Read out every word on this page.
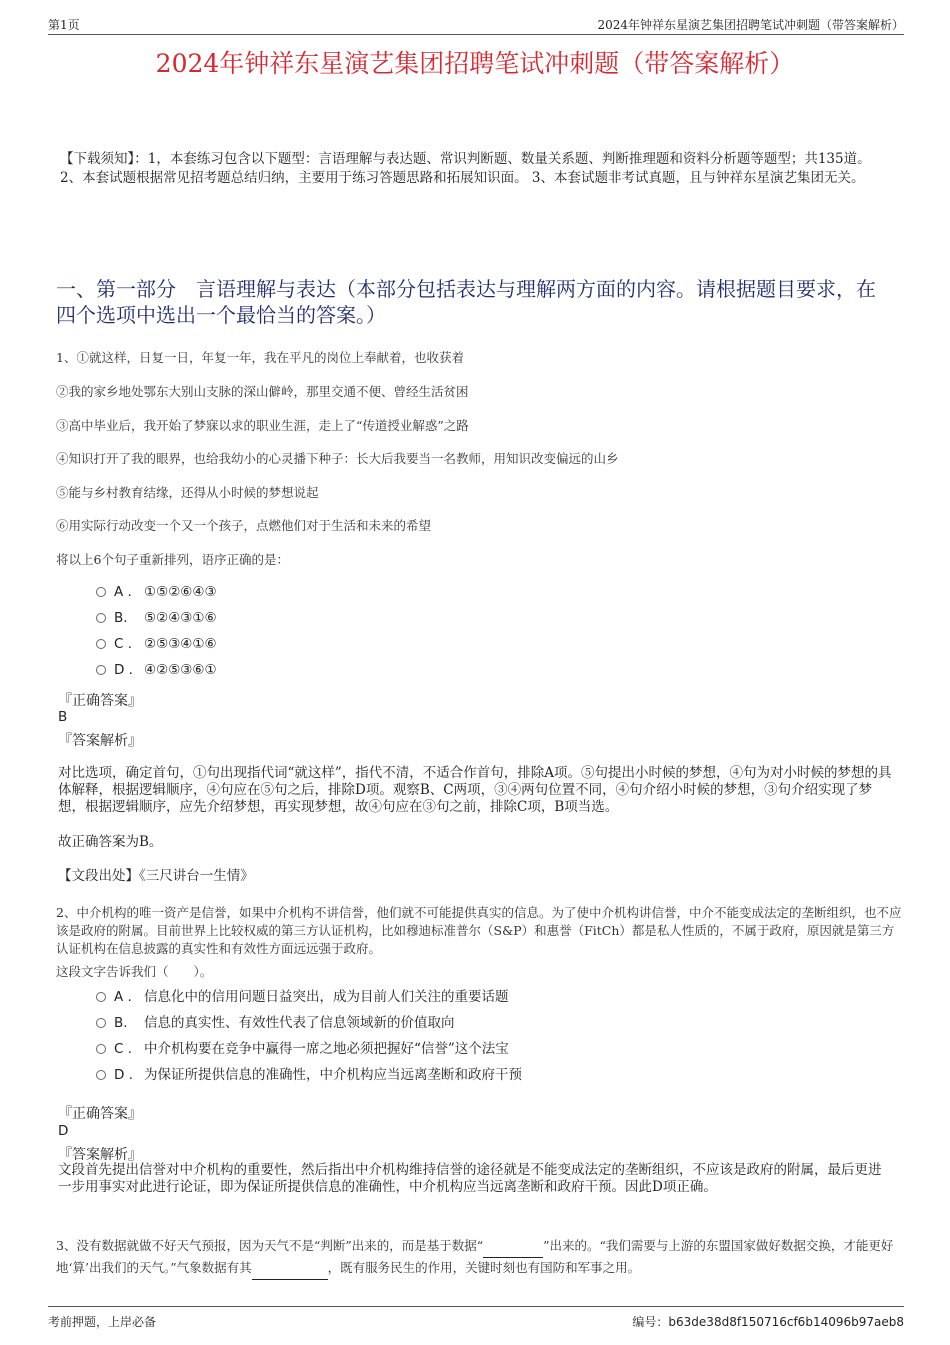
第1页	2024年钟祥东星演艺集团招聘笔试冲刺题（带答案解析）
2024年钟祥东星演艺集团招聘笔试冲刺题（带答案解析）
【下载须知】：1，本套练习包含以下题型：言语理解与表达题、常识判断题、数量关系题、判断推理题和资料分析题等题型；共135道。 2、本套试题根据常见招考题总结归纳，主要用于练习答题思路和拓展知识面。 3、本套试题非考试真题，且与钟祥东星演艺集团无关。
一、第一部分　言语理解与表达（本部分包括表达与理解两方面的内容。请根据题目要求，在四个选项中选出一个最恰当的答案。）
1、①就这样，日复一日，年复一年，我在平凡的岗位上奉献着，也收获着
②我的家乡地处鄂东大别山支脉的深山僻岭，那里交通不便、曾经生活贫困
③高中毕业后，我开始了梦寐以求的职业生涯，走上了“传道授业解惑”之路
④知识打开了我的眼界，也给我幼小的心灵播下种子：长大后我要当一名教师，用知识改变偏远的山乡
⑤能与乡村教育结缘，还得从小时候的梦想说起
⑥用实际行动改变一个又一个孩子，点燃他们对于生活和未来的希望
将以上6个句子重新排列，语序正确的是：
A . ①⑤②⑥④③
B. ⑤②④③①⑥
C . ②⑤③④①⑥
D . ④②⑤③⑥①
『正确答案』
B
『答案解析』
对比选项，确定首句，①句出现指代词“就这样”，指代不清，不适合作首句，排除A项。⑤句提出小时候的梦想，④句为对小时候的梦想的具体解释，根据逻辑顺序，④句应在⑤句之后，排除D项。观察B、C两项，③④两句位置不同，④句介绍小时候的梦想，③句介绍实现了梦想，根据逻辑顺序，应先介绍梦想，再实现梦想，故④句应在③句之前，排除C项，B项当选。
故正确答案为B。
【文段出处】《三尺讲台一生情》
2、中介机构的唯一资产是信誉，如果中介机构不讲信誉，他们就不可能提供真实的信息。为了使中介机构讲信誉，中介不能变成法定的垄断组织，也不应该是政府的附属。目前世界上比较权威的第三方认证机构，比如穆迪标准普尔（S&P）和惠誉（FitCh）都是私人性质的，不属于政府，原因就是第三方认证机构在信息披露的真实性和有效性方面远远强于政府。
这段文字告诉我们（　　）。
A . 信息化中的信用问题日益突出，成为目前人们关注的重要话题
B. 信息的真实性、有效性代表了信息领域新的价值取向
C . 中介机构要在竞争中赢得一席之地必须把握好“信誉”这个法宝
D . 为保证所提供信息的准确性，中介机构应当远离垄断和政府干预
『正确答案』
D
『答案解析』
文段首先提出信誉对中介机构的重要性，然后指出中介机构维持信誉的途径就是不能变成法定的垄断组织，不应该是政府的附属，最后更进一步用事实对此进行论证，即为保证所提供信息的准确性，中介机构应当远离垄断和政府干预。因此D项正确。
3、没有数据就做不好天气预报，因为天气不是“判断”出来的，而是基于数据“	”出来的。“我们需要与上游的东盟国家做好数据交换，才能更好地‘算’出我们的天气。”气象数据有其	，既有服务民生的作用，关键时刻也有国防和军事之用。
考前押题，上岸必备	编号：b63de38d8f150716cf6b14096b97aeb8
